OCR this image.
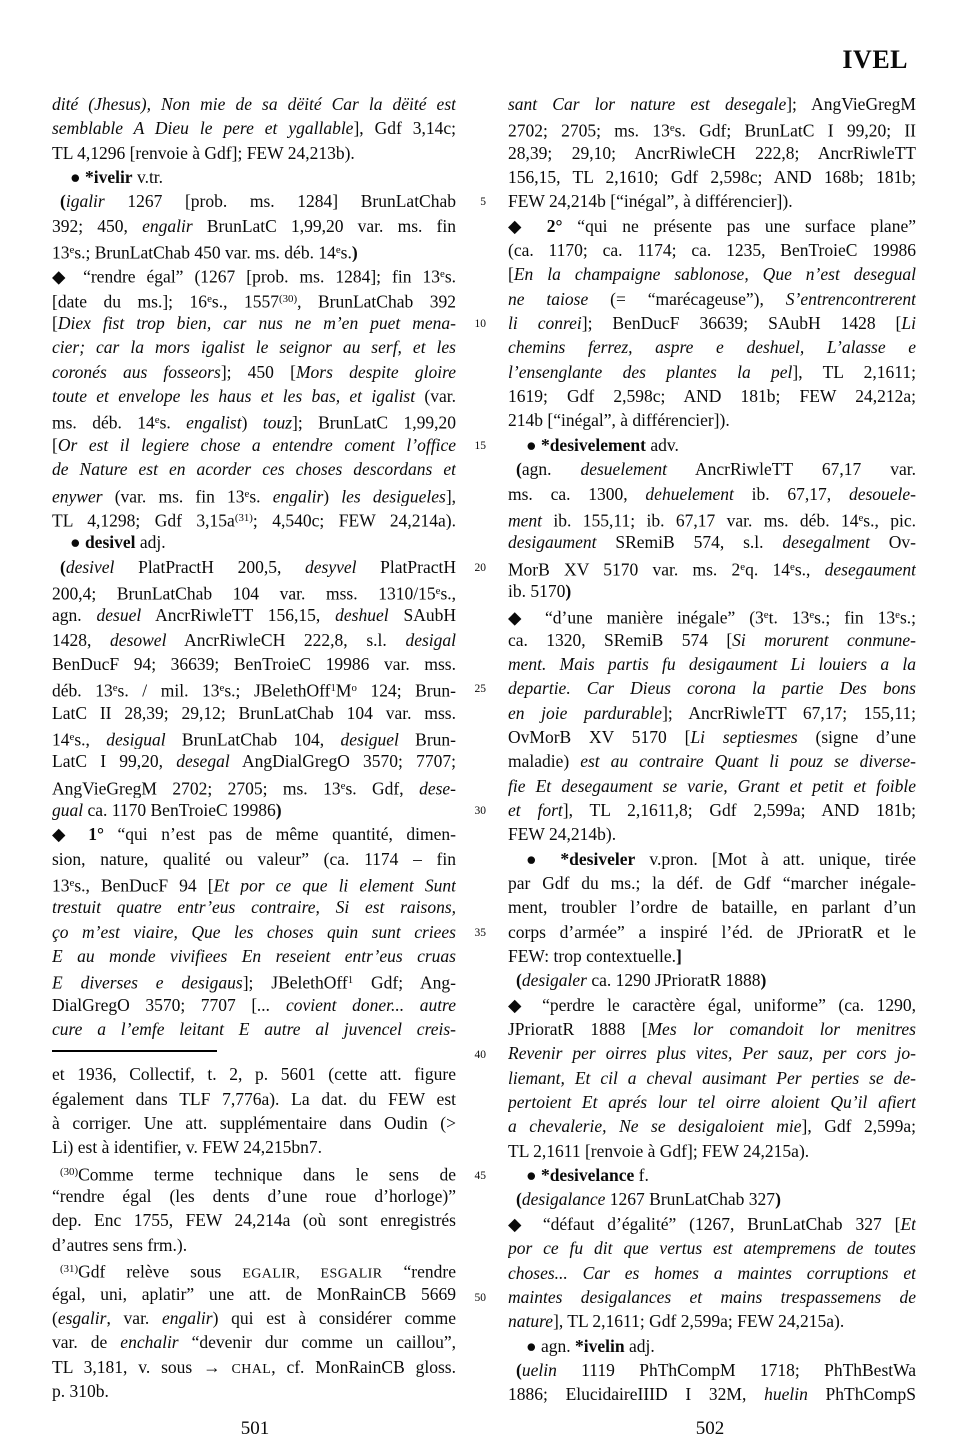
IVEL
dité (Jhesus), Non mie de sa dëité Car la dëité est
semblable A Dieu le pere et ygallable], Gdf 3,14c;
TL 4,1296 [renvoie à Gdf]; FEW 24,213b).
● *ivelir v.tr.
(igalir 1267 [prob. ms. 1284] BrunLatChab
392; 450, engalir BrunLatC 1,99,20 var. ms. fin
13es.; BrunLatChab 450 var. ms. déb. 14es.)
◆ “rendre égal” (1267 [prob. ms. 1284]; fin 13es.
[date du ms.]; 16es., 1557$^{(30)}$, BrunLatChab 392
[Diex fist trop bien, car nus ne m’en puet mena-
cier; car la mors igalist le seignor au serf, et les
coronés aus fosseors]; 450 [Mors despite gloire
toute et envelope les haus et les bas, et igalist (var.
ms. déb. 14es. engalist) touz]; BrunLatC 1,99,20
[Or est il legiere chose a entendre coment l’office
de Nature est en acorder ces choses descordans et
enywer (var. ms. fin 13es. engalir) les desigueles],
TL 4,1298; Gdf $3,15a^{(31)}$; 4,540c; FEW 24,214a).
● desivel adj.
(desivel PlatPractH 200,5, desyvel PlatPractH
200,4; BrunLatChab 104 var. mss. 1310/15es.,
agn. desuel AncrRiwleTT 156,15, deshuel SAubH
1428, desowel AncrRiwleCH 222,8, s.l. desigal
BenDucF 94; 36639; BenTroieC 19986 var. mss.
déb. 13es. / mil. 13es.; $JBelethOff^1M^o$ 124; Brun-
LatC II 28,39; 29,12; BrunLatChab 104 var. mss.
14es., desigual BrunLatChab 104, desiguel Brun-
LatC I 99,20, desegal AngDialGregO 3570; 7707;
AngVieGregM 2702; 2705; ms. 13es. Gdf, dese-
gual ca. 1170 BenTroieC 19986)
◆ 1° “qui n’est pas de même quantité, dimen-
sion, nature, qualité ou valeur” (ca. 1174 – fin
13es., BenDucF 94 [Et por ce que li element Sunt
trestuit quatre entr’eus contraire, Si est raisons,
ço m’est viaire, Que les choses quin sunt criees
E au monde vivifiees En reseient entr’eus cruas
E diverses e desigaus]; JBelethOff$^1$ Gdf; Ang-
DialGregO 3570; 7707 [... covient doner... autre
cure a l’emfe leitant E autre al juvencel creis-
et 1936, Collectif, t. 2, p. 5601 (cette att. figure
également dans TLF 7,776a). La dat. du FEW est
à corriger. Une att. supplémentaire dans Oudin (>
Li) est à identifier, v. FEW 24,215bn7.
$^{(30)}$Comme terme technique dans le sens de
“rendre égal (les dents d’une roue d’horloge)”
dep. Enc 1755, FEW 24,214a (où sont enregistrés
d’autres sens frm.).
$^{(31)}$Gdf relève sous EGALIR, ESGALIR “rendre
égal, uni, aplatir” une att. de MonRainCB 5669
(esgalir, var. engalir) qui est à considérer comme
var. de enchalir “devenir dur comme un caillou”,
TL 3,181, v. sous → CHAL, cf. MonRainCB gloss.
p. 310b.
5
10
15
20
25
30
35
40
45
50
sant Car lor nature est desegale]; AngVieGregM
2702; 2705; ms. 13es. Gdf; BrunLatC I 99,20; II
28,39; 29,10; AncrRiwleCH 222,8; AncrRiwleTT
156,15, TL 2,1610; Gdf 2,598c; AND 168b; 181b;
FEW 24,214b [“inégal”, à différencier]).
◆ 2° “qui ne présente pas une surface plane”
(ca. 1170; ca. 1174; ca. 1235, BenTroieC 19986
[En la champaigne sablonose, Que n’est desegual
ne taiose (= “marécageuse”), S’entrencontrerent
li conrei]; BenDucF 36639; SAubH 1428 [Li
chemins ferrez, aspre e deshuel, L’alasse e
l’ensenglante des plantes la pel], TL 2,1611;
1619; Gdf 2,598c; AND 181b; FEW 24,212a;
214b [“inégal”, à différencier]).
● *desivelement adv.
(agn. desuelement AncrRiwleTT 67,17 var.
ms. ca. 1300, dehuelement ib. 67,17, desouele-
ment ib. 155,11; ib. 67,17 var. ms. déb. 14es., pic.
desigaument SRemiB 574, s.l. desegalment Ov-
MorB XV 5170 var. ms. 2eq. 14es., desegaument
ib. 5170)
◆ “d’une manière inégale” (3et. 13es.; fin 13es.;
ca. 1320, SRemiB 574 [Si morurent conmune-
ment. Mais partis fu desigaument Li louiers a la
departie. Car Dieus corona la partie Des bons
en joie pardurable]; AncrRiwleTT 67,17; 155,11;
OvMorB XV 5170 [Li septiesmes (signe d’une
maladie) est au contraire Quant li pouz se diverse-
fie Et desegaument se varie, Grant et petit et foible
et fort], TL 2,1611,8; Gdf 2,599a; AND 181b;
FEW 24,214b).
● *desiveler v.pron. [Mot à att. unique, tirée
par Gdf du ms.; la déf. de Gdf “marcher inégale-
ment, troubler l’ordre de bataille, en parlant d’un
corps d’armée” a inspiré l’éd. de JPrioratR et le
FEW: trop contextuelle.]
(desigaler ca. 1290 JPrioratR 1888)
◆ “perdre le caractère égal, uniforme” (ca. 1290,
JPrioratR 1888 [Mes lor comandoit lor menitres
Revenir per oirres plus vites, Per sauz, per cors jo-
liemant, Et cil a cheval ausimant Per perties se de-
pertoient Et aprés lour tel oirre aloient Qu’il afiert
a chevalerie, Ne se desigaloient mie], Gdf 2,599a;
TL 2,1611 [renvoie à Gdf]; FEW 24,215a).
● *desivelance f.
(desigalance 1267 BrunLatChab 327)
◆ “défaut d’égalité” (1267, BrunLatChab 327 [Et
por ce fu dit que vertus est atempremens de toutes
choses... Car es homes a maintes corruptions et
maintes desigalances et mains trespassemens de
nature], TL 2,1611; Gdf 2,599a; FEW 24,215a).
● agn. *ivelin adj.
(uelin 1119 PhThCompM 1718; PhThBestWa
1886; ElucidaireIIID I 32M, huelin PhThCompS
501	502
